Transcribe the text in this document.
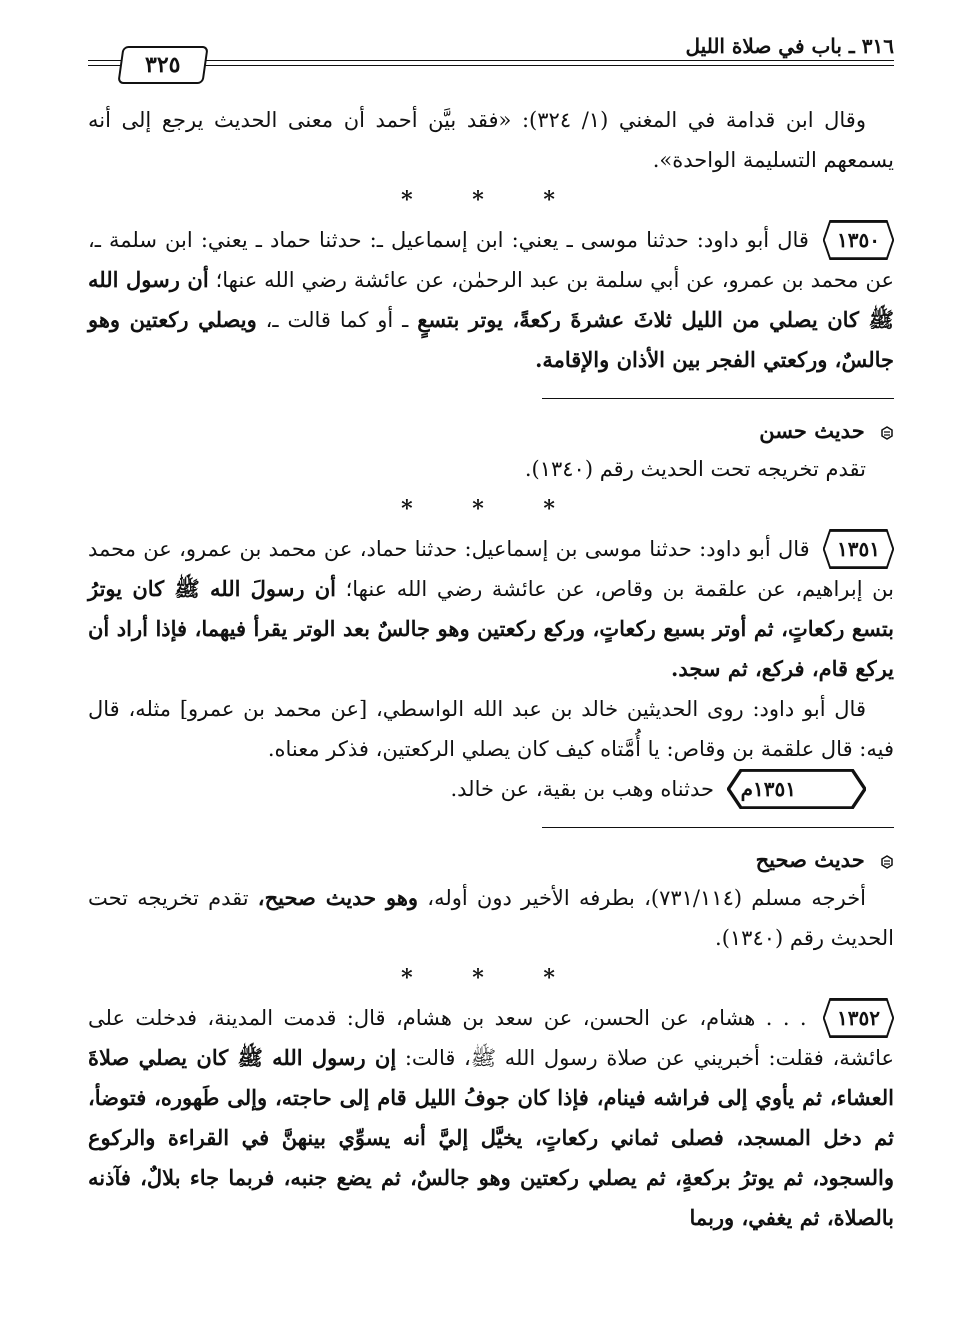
٣١٦ ـ باب في صلاة الليل
٣٢٥

وقال ابن قدامة في المغني (١/ ٣٢٤): «فقد بيَّن أحمد أن معنى الحديث يرجع إلى أنه يسمعهم التسليمة الواحدة».

* * *

١٣٥٠ قال أبو داود: حدثنا موسى ـ يعني: ابن إسماعيل ـ: حدثنا حماد ـ يعني: ابن سلمة ـ، عن محمد بن عمرو، عن أبي سلمة بن عبد الرحمٰن، عن عائشة رضي الله عنها؛ أن رسول الله ﷺ كان يصلي من الليل ثلاثَ عشرةَ ركعةً، يوتر بتسعٍ ـ أو كما قالت ـ، ويصلي ركعتين وهو جالسٌ، وركعتي الفجر بين الأذان والإقامة.

حديث حسن

تقدم تخريجه تحت الحديث رقم (١٣٤٠).

* * *

١٣٥١ قال أبو داود: حدثنا موسى بن إسماعيل: حدثنا حماد، عن محمد بن عمرو، عن محمد بن إبراهيم، عن علقمة بن وقاص، عن عائشة رضي الله عنها؛ أن رسولَ الله ﷺ كان يوترُ بتسع ركعاتٍ، ثم أوتر بسبع ركعاتٍ، وركع ركعتين وهو جالسٌ بعد الوتر يقرأ فيهما، فإذا أراد أن يركع قام، فركع، ثم سجد.

قال أبو داود: روى الحديثين خالد بن عبد الله الواسطي، [عن محمد بن عمرو] مثله، قال فيه: قال علقمة بن وقاص: يا أُمَّتاه كيف كان يصلي الركعتين، فذكر معناه.

١٣٥١م حدثناه وهب بن بقية، عن خالد.

حديث صحيح

أخرجه مسلم (٧٣١/١١٤)، بطرفه الأخير دون أوله، وهو حديث صحيح، تقدم تخريجه تحت الحديث رقم (١٣٤٠).

* * *

١٣٥٢ . . . هشام، عن الحسن، عن سعد بن هشام، قال: قدمت المدينة، فدخلت على عائشة، فقلت: أخبريني عن صلاة رسول الله ﷺ، قالت: إن رسول الله ﷺ كان يصلي صلاةَ العشاء، ثم يأوي إلى فراشه فينام، فإذا كان جوفُ الليل قام إلى حاجته، وإلى طَهوره، فتوضأ، ثم دخل المسجد، فصلى ثماني ركعاتٍ، يخيَّل إليَّ أنه يسوِّي بينهنَّ في القراءة والركوع والسجود، ثم يوترُ بركعةٍ، ثم يصلي ركعتين وهو جالسٌ، ثم يضع جنبه، فربما جاء بلالٌ، فآذنه بالصلاة، ثم يغفي، وربما
